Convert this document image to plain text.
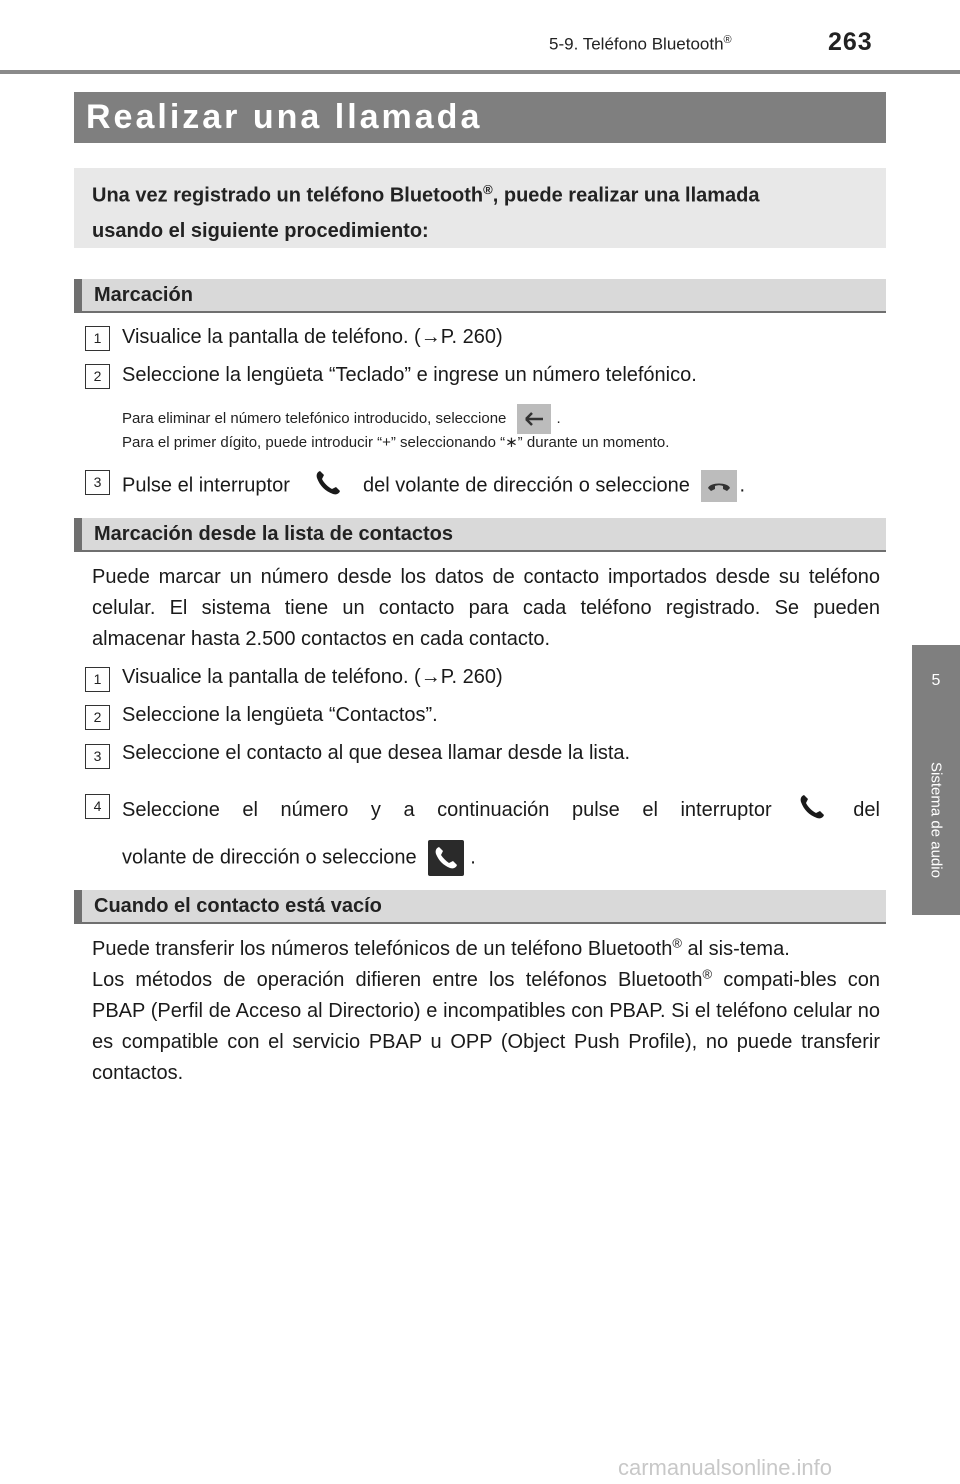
5-9. Teléfono Bluetooth®	263
5
Sistema de audio
Realizar una llamada
Una vez registrado un teléfono Bluetooth®, puede realizar una llamada
usando el siguiente procedimiento:
Marcación
1	Visualice la pantalla de teléfono. (→P. 260)
2	Seleccione la lengüeta “Teclado” e ingrese un número telefónico.
Para eliminar el número telefónico introducido, seleccione	.
Para el primer dígito, puede introducir “+” seleccionando “∗” durante un momento.
3	Pulse el interruptor	del volante de dirección o seleccione .
Marcación desde la lista de contactos
Puede marcar un número desde los datos de contacto importados desde su teléfono celular. El sistema tiene un contacto para cada teléfono registrado. Se pueden almacenar hasta 2.500 contactos en cada contacto.
1	Visualice la pantalla de teléfono. (→P. 260)
2	Seleccione la lengüeta “Contactos”.
3	Seleccione el contacto al que desea llamar desde la lista.
4	Seleccione el número y a continuación pulse el interruptor	del
volante de dirección o seleccione	.
Cuando el contacto está vacío
Puede transferir los números telefónicos de un teléfono Bluetooth® al sis-tema.
Los métodos de operación difieren entre los teléfonos Bluetooth® compati-bles con PBAP (Perfil de Acceso al Directorio) e incompatibles con PBAP. Si el teléfono celular no es compatible con el servicio PBAP u OPP (Object Push Profile), no puede transferir contactos.
carmanualsonline.info
